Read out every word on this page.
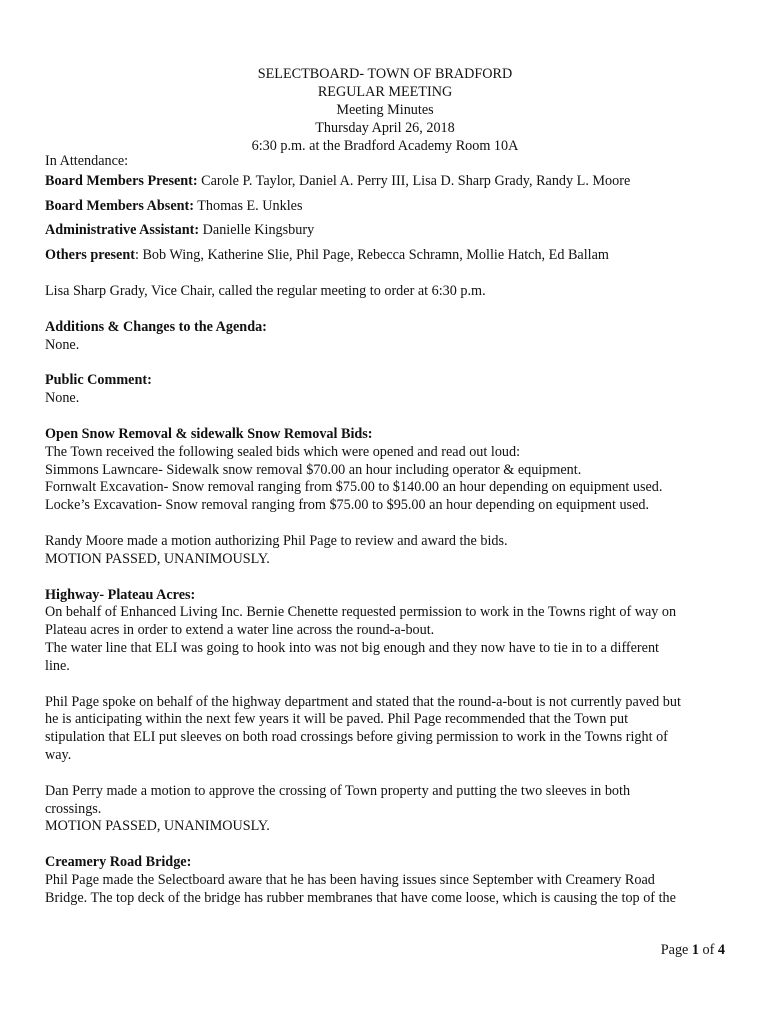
SELECTBOARD- TOWN OF BRADFORD
REGULAR MEETING
Meeting Minutes
Thursday April 26, 2018
6:30 p.m. at the Bradford Academy Room 10A
In Attendance:
Board Members Present: Carole P. Taylor, Daniel A. Perry III, Lisa D. Sharp Grady, Randy L. Moore
Board Members Absent: Thomas E. Unkles
Administrative Assistant: Danielle Kingsbury
Others present: Bob Wing, Katherine Slie, Phil Page, Rebecca Schramn, Mollie Hatch, Ed Ballam
Lisa Sharp Grady, Vice Chair, called the regular meeting to order at 6:30 p.m.
Additions & Changes to the Agenda:
None.
Public Comment:
None.
Open Snow Removal & sidewalk Snow Removal Bids:
The Town received the following sealed bids which were opened and read out loud:
Simmons Lawncare- Sidewalk snow removal $70.00 an hour including operator & equipment.
Fornwalt Excavation- Snow removal ranging from $75.00 to $140.00 an hour depending on equipment used.
Locke’s Excavation- Snow removal ranging from $75.00 to $95.00 an hour depending on equipment used.
Randy Moore made a motion authorizing Phil Page to review and award the bids.
MOTION PASSED, UNANIMOUSLY.
Highway- Plateau Acres:
On behalf of Enhanced Living Inc. Bernie Chenette requested permission to work in the Towns right of way on
Plateau acres in order to extend a water line across the round-a-bout.
The water line that ELI was going to hook into was not big enough and they now have to tie in to a different
line.
Phil Page spoke on behalf of the highway department and stated that the round-a-bout is not currently paved but
he is anticipating within the next few years it will be paved. Phil Page recommended that the Town put
stipulation that ELI put sleeves on both road crossings before giving permission to work in the Towns right of
way.
Dan Perry made a motion to approve the crossing of Town property and putting the two sleeves in both
crossings.
MOTION PASSED, UNANIMOUSLY.
Creamery Road Bridge:
Phil Page made the Selectboard aware that he has been having issues since September with Creamery Road
Bridge. The top deck of the bridge has rubber membranes that have come loose, which is causing the top of the
Page 1 of 4
